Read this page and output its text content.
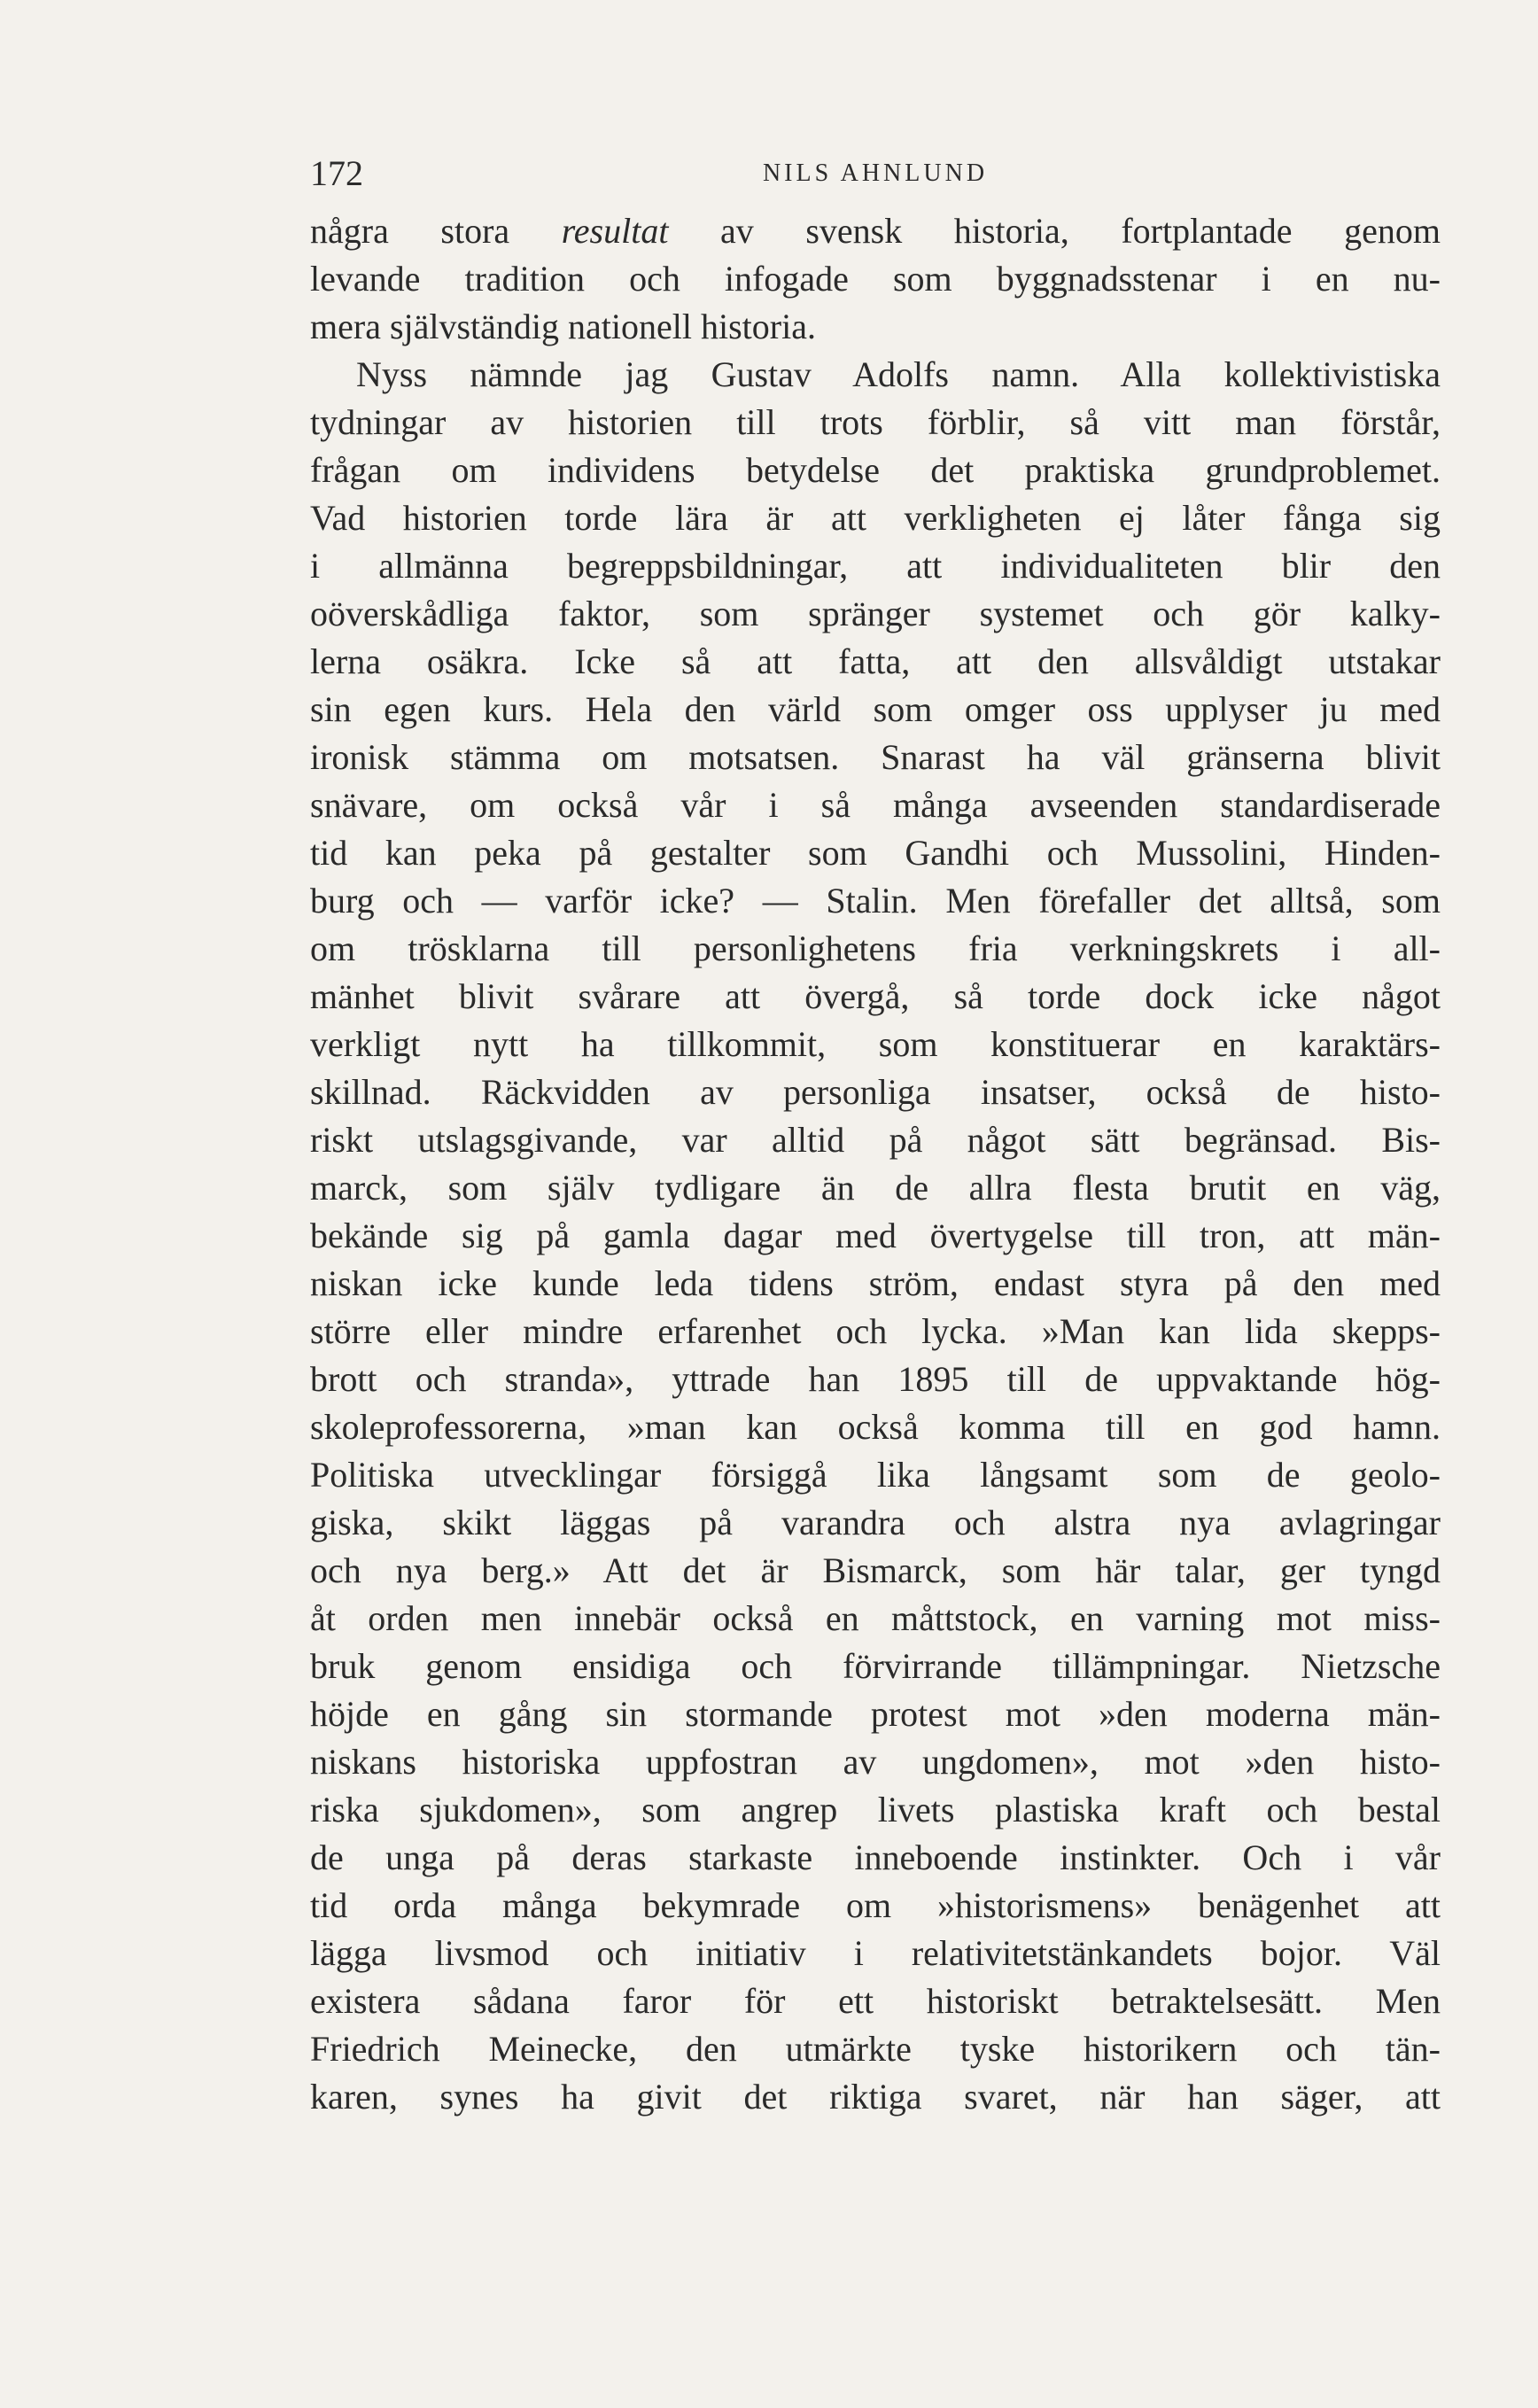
172	NILS AHNLUND
några stora resultat av svensk historia, fortplantade genom
levande tradition och infogade som byggnadsstenar i en nu-
mera självständig nationell historia.
Nyss nämnde jag Gustav Adolfs namn. Alla kollektivistiska
tydningar av historien till trots förblir, så vitt man förstår,
frågan om individens betydelse det praktiska grundproblemet.
Vad historien torde lära är att verkligheten ej låter fånga sig
i allmänna begreppsbildningar, att individualiteten blir den
oöverskådliga faktor, som spränger systemet och gör kalky-
lerna osäkra. Icke så att fatta, att den allsvåldigt utstakar
sin egen kurs. Hela den värld som omger oss upplyser ju med
ironisk stämma om motsatsen. Snarast ha väl gränserna blivit
snävare, om också vår i så många avseenden standardiserade
tid kan peka på gestalter som Gandhi och Mussolini, Hinden-
burg och — varför icke? — Stalin. Men förefaller det alltså, som
om trösklarna till personlighetens fria verkningskrets i all-
mänhet blivit svårare att övergå, så torde dock icke något
verkligt nytt ha tillkommit, som konstituerar en karaktärs-
skillnad. Räckvidden av personliga insatser, också de histo-
riskt utslagsgivande, var alltid på något sätt begränsad. Bis-
marck, som själv tydligare än de allra flesta brutit en väg,
bekände sig på gamla dagar med övertygelse till tron, att män-
niskan icke kunde leda tidens ström, endast styra på den med
större eller mindre erfarenhet och lycka. »Man kan lida skepps-
brott och stranda», yttrade han 1895 till de uppvaktande hög-
skoleprofessorerna, »man kan också komma till en god hamn.
Politiska utvecklingar försiggå lika långsamt som de geolo-
giska, skikt läggas på varandra och alstra nya avlagringar
och nya berg.» Att det är Bismarck, som här talar, ger tyngd
åt orden men innebär också en måttstock, en varning mot miss-
bruk genom ensidiga och förvirrande tillämpningar. Nietzsche
höjde en gång sin stormande protest mot »den moderna män-
niskans historiska uppfostran av ungdomen», mot »den histo-
riska sjukdomen», som angrep livets plastiska kraft och bestal
de unga på deras starkaste inneboende instinkter. Och i vår
tid orda många bekymrade om »historismens» benägenhet att
lägga livsmod och initiativ i relativitetstänkandets bojor. Väl
existera sådana faror för ett historiskt betraktelsesätt. Men
Friedrich Meinecke, den utmärkte tyske historikern och tän-
karen, synes ha givit det riktiga svaret, när han säger, att
